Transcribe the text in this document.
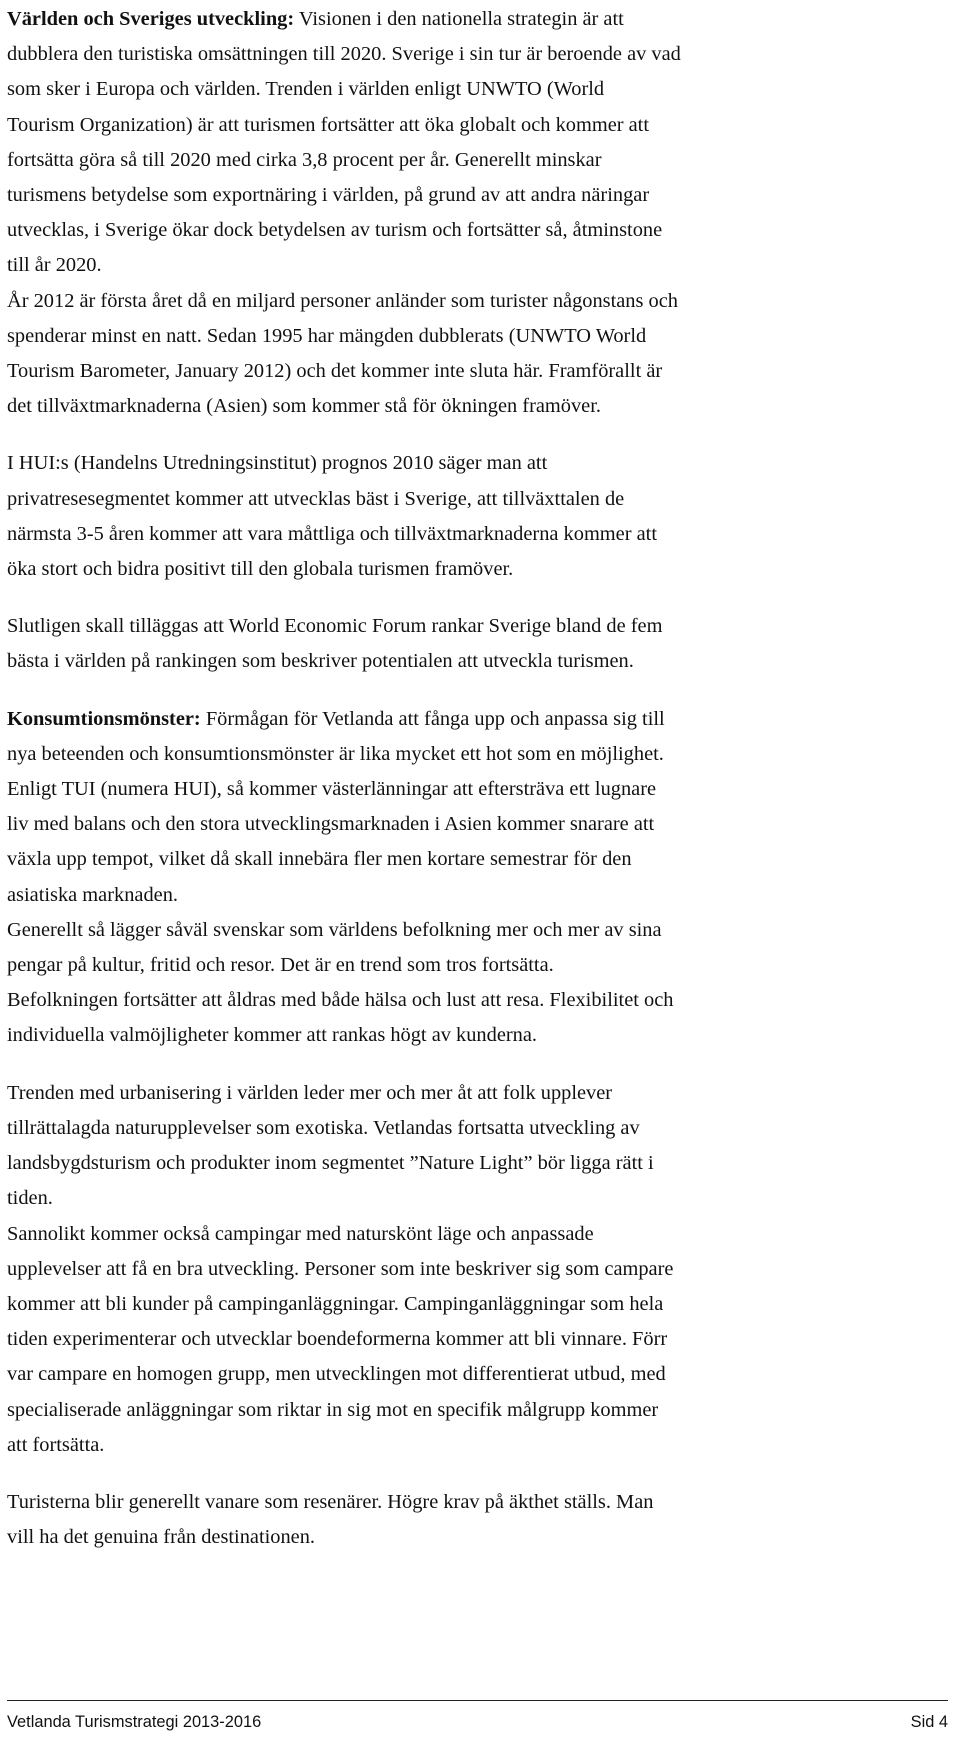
Världen och Sveriges utveckling: Visionen i den nationella strategin är att
dubblera den turistiska omsättningen till 2020. Sverige i sin tur är beroende av vad
som sker i Europa och världen. Trenden i världen enligt UNWTO (World
Tourism Organization) är att turismen fortsätter att öka globalt och kommer att
fortsätta göra så till 2020 med cirka 3,8 procent per år. Generellt minskar
turismens betydelse som exportnäring i världen, på grund av att andra näringar
utvecklas, i Sverige ökar dock betydelsen av turism och fortsätter så, åtminstone
till år 2020.

År 2012 är första året då en miljard personer anländer som turister någonstans och
spenderar minst en natt. Sedan 1995 har mängden dubblerats (UNWTO World
Tourism Barometer, January 2012) och det kommer inte sluta här. Framförallt är
det tillväxtmarknaderna (Asien) som kommer stå för ökningen framöver.

I HUI:s (Handelns Utredningsinstitut) prognos 2010 säger man att
privatresesegmentet kommer att utvecklas bäst i Sverige, att tillväxttalen de
närmsta 3-5 åren kommer att vara måttliga och tillväxtmarknaderna kommer att
öka stort och bidra positivt till den globala turismen framöver.

Slutligen skall tilläggas att World Economic Forum rankar Sverige bland de fem
bästa i världen på rankingen som beskriver potentialen att utveckla turismen.

Konsumtionsmönster: Förmågan för Vetlanda att fånga upp och anpassa sig till
nya beteenden och konsumtionsmönster är lika mycket ett hot som en möjlighet.
Enligt TUI (numera HUI), så kommer västerlänningar att eftersträva ett lugnare
liv med balans och den stora utvecklingsmarknaden i Asien kommer snarare att
växla upp tempot, vilket då skall innebära fler men kortare semestrar för den
asiatiska marknaden.

Generellt så lägger såväl svenskar som världens befolkning mer och mer av sina
pengar på kultur, fritid och resor. Det är en trend som tros fortsätta.

Befolkningen fortsätter att åldras med både hälsa och lust att resa. Flexibilitet och
individuella valmöjligheter kommer att rankas högt av kunderna.

Trenden med urbanisering i världen leder mer och mer åt att folk upplever
tillrättalagda naturupplevelser som exotiska. Vetlandas fortsatta utveckling av
landsbygdsturism och produkter inom segmentet ”Nature Light” bör ligga rätt i
tiden.

Sannolikt kommer också campingar med naturskönt läge och anpassade
upplevelser att få en bra utveckling. Personer som inte beskriver sig som campare
kommer att bli kunder på campinganläggningar. Campinganläggningar som hela
tiden experimenterar och utvecklar boendeformerna kommer att bli vinnare. Förr
var campare en homogen grupp, men utvecklingen mot differentierat utbud, med
specialiserade anläggningar som riktar in sig mot en specifik målgrupp kommer
att fortsätta.

Turisterna blir generellt vanare som resenärer. Högre krav på äkthet ställs. Man
vill ha det genuina från destinationen.

Vetlanda Turismstrategi 2013-2016	Sid 4
